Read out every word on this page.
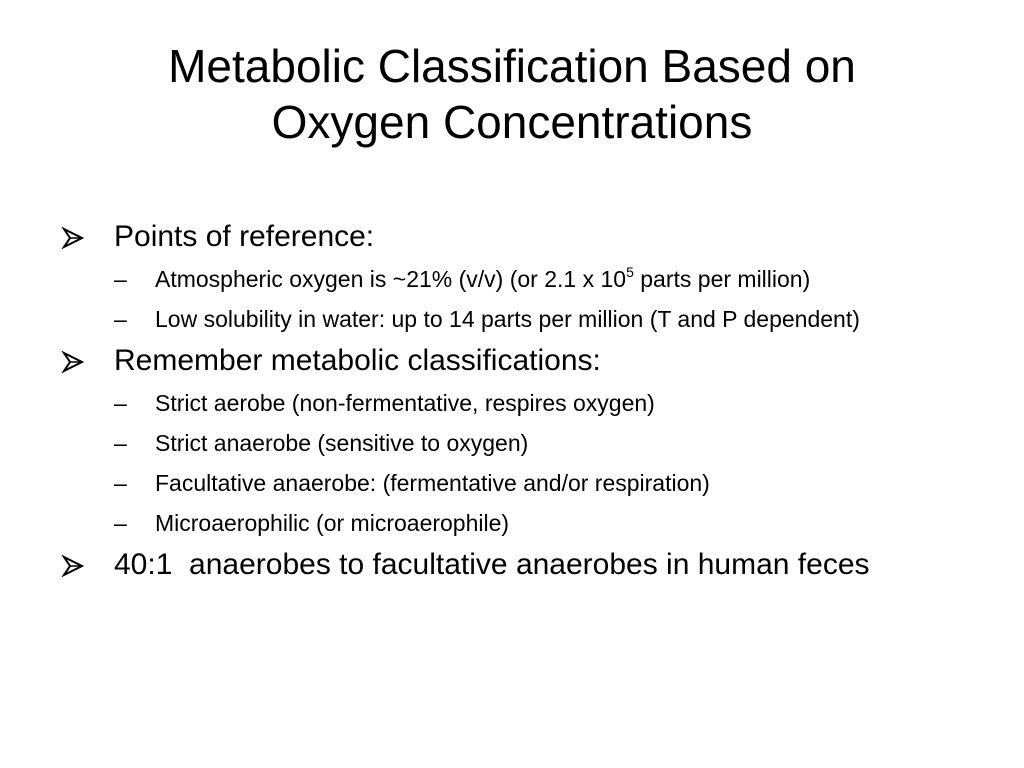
Metabolic Classification Based on
Oxygen Concentrations
Points of reference:
– Atmospheric oxygen is ~21% (v/v) (or 2.1 x $10^5$ parts per million)
– Low solubility in water: up to 14 parts per million (T and P dependent)
Remember metabolic classifications:
– Strict aerobe (non-fermentative, respires oxygen)
– Strict anaerobe (sensitive to oxygen)
– Facultative anaerobe: (fermentative and/or respiration)
– Microaerophilic (or microaerophile)
40:1  anaerobes to facultative anaerobes in human feces
